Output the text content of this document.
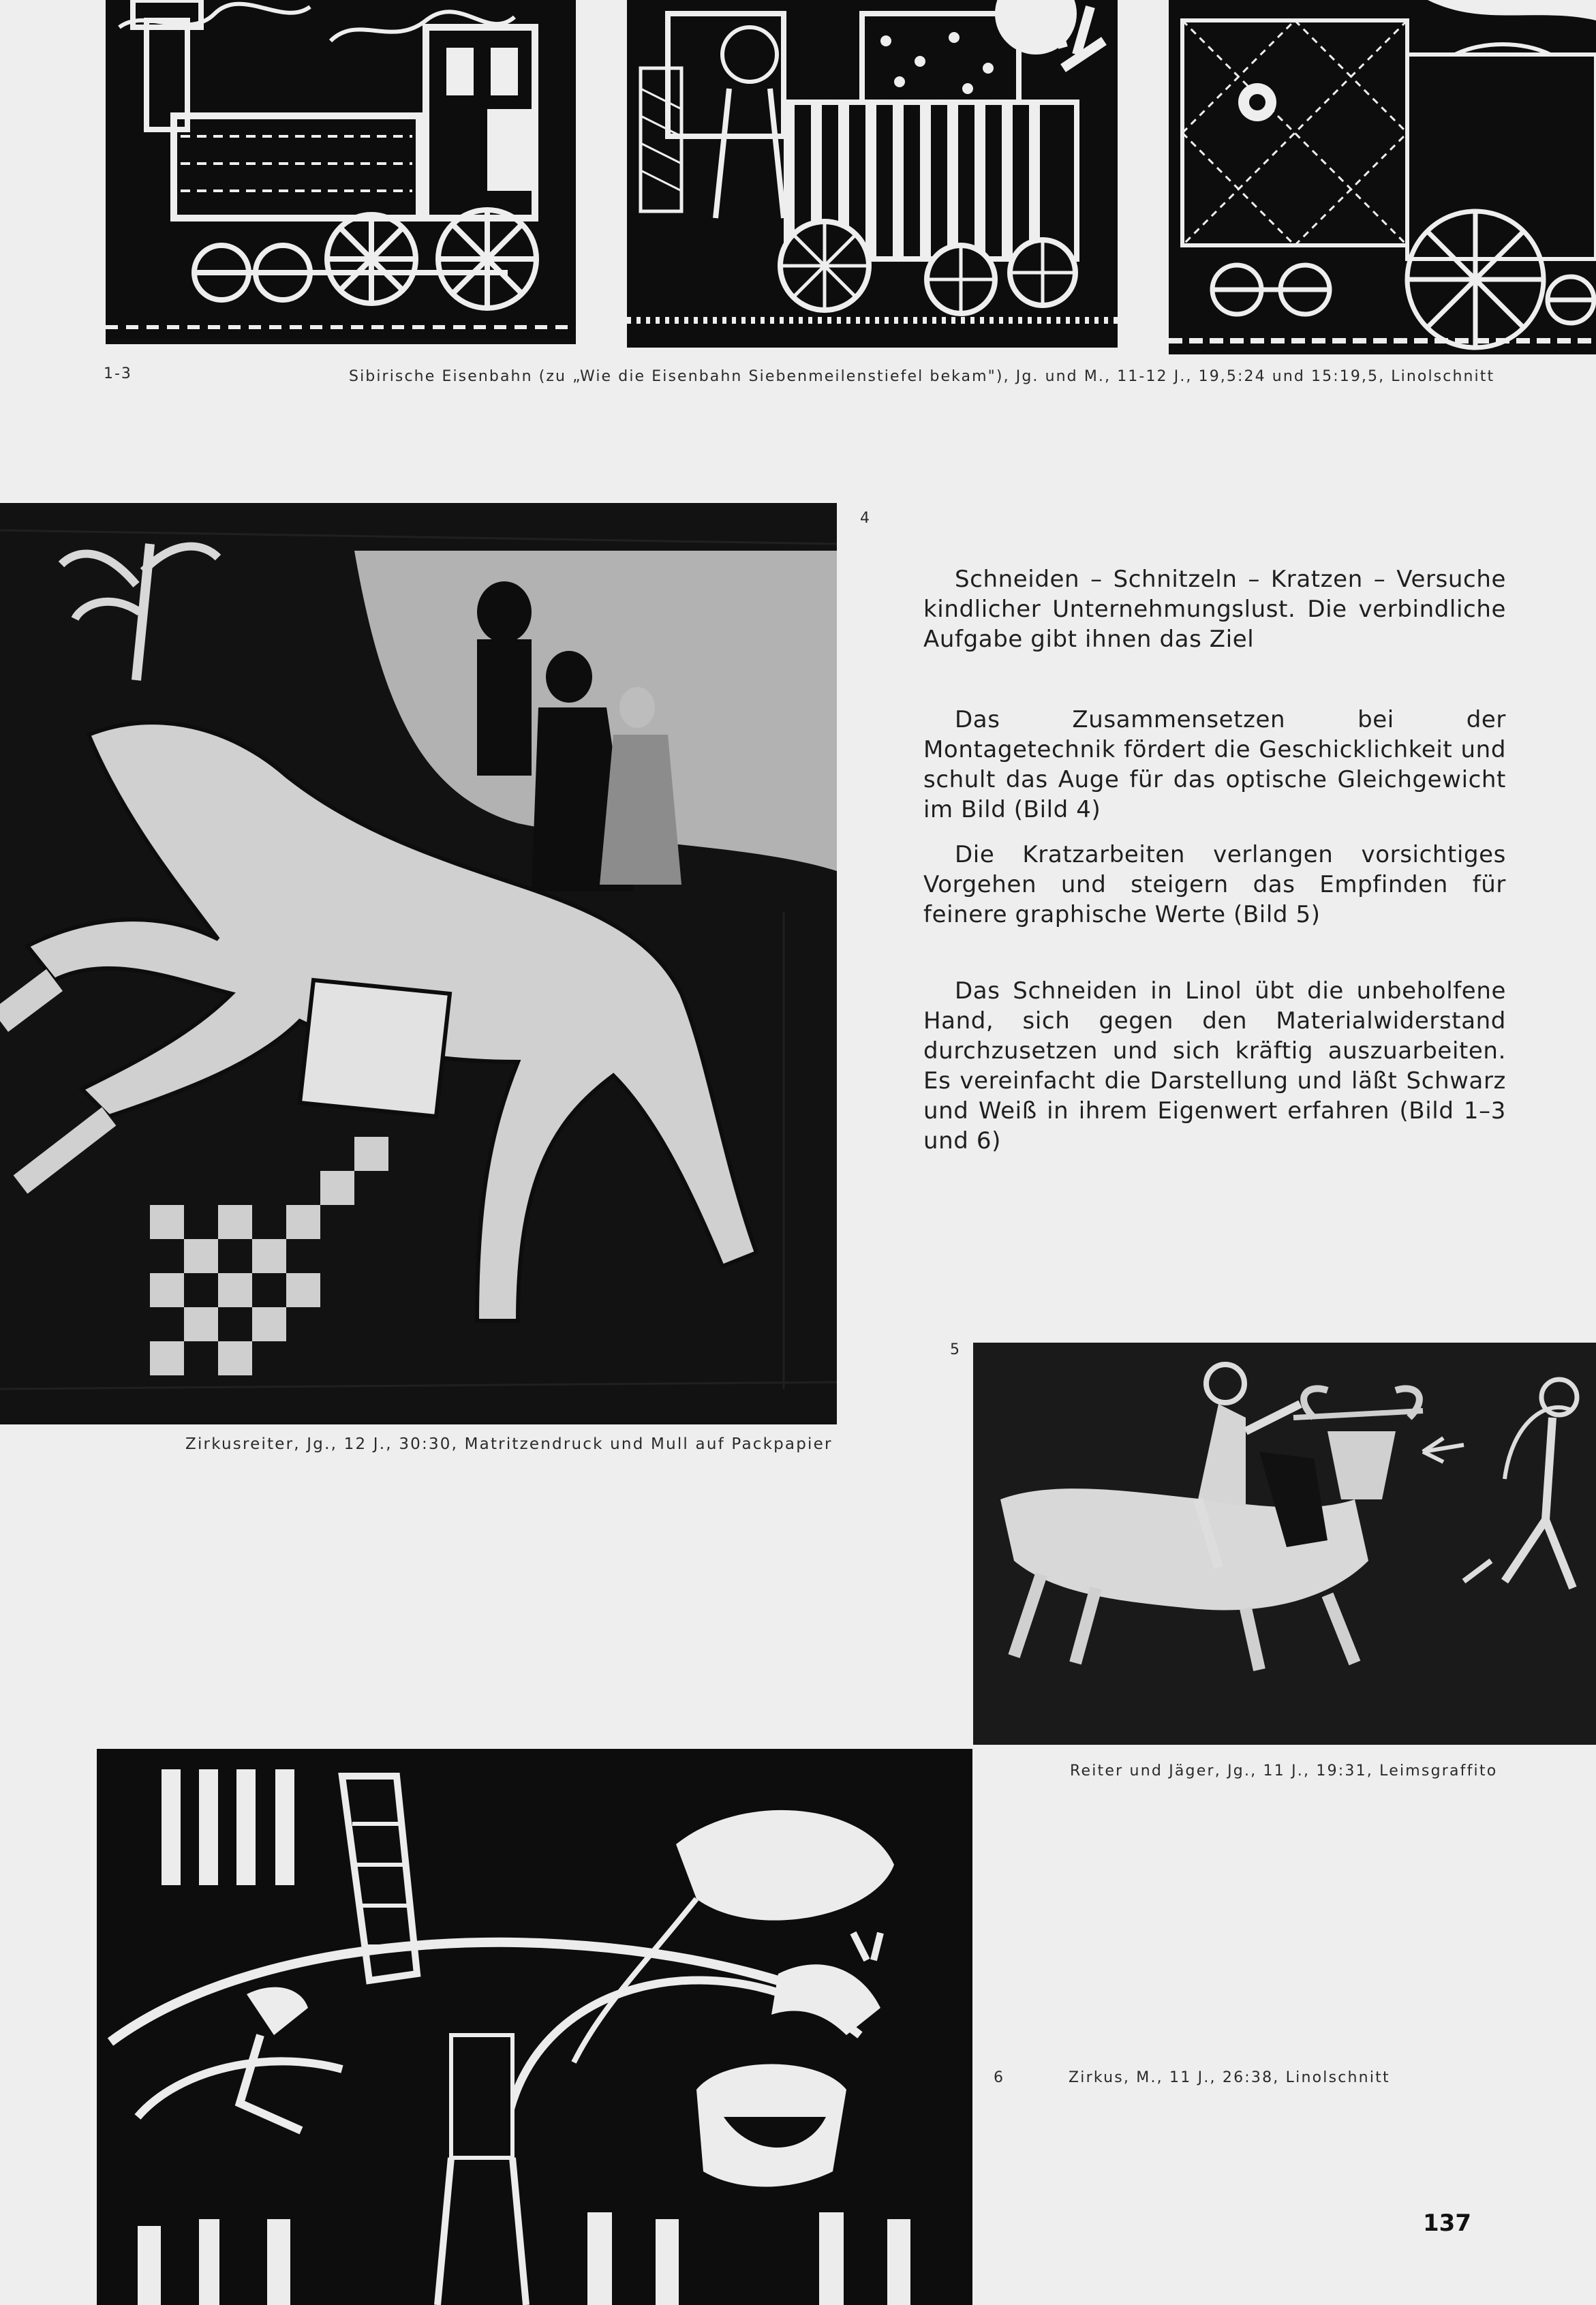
1-3	Sibirische Eisenbahn (zu „Wie die Eisenbahn Siebenmeilenstiefel bekam"), Jg. und M., 11-12 J., 19,5:24 und 15:19,5, Linolschnitt
4
Zirkusreiter, Jg., 12 J., 30:30, Matritzendruck und Mull auf Packpapier

Schneiden – Schnitzeln – Kratzen – Versuche kindlicher Unternehmungslust. Die verbindliche Aufgabe gibt ihnen das Ziel

Das Zusammensetzen bei der Montagetechnik fördert die Geschicklichkeit und schult das Auge für das optische Gleichgewicht im Bild (Bild 4)

Die Kratzarbeiten verlangen vorsichtiges Vorgehen und steigern das Empfinden für feinere graphische Werte (Bild 5)

Das Schneiden in Linol übt die unbeholfene Hand, sich gegen den Materialwiderstand durchzusetzen und sich kräftig auszuarbeiten. Es vereinfacht die Darstellung und läßt Schwarz und Weiß in ihrem Eigenwert erfahren (Bild 1–3 und 6)

5
Reiter und Jäger, Jg., 11 J., 19:31, Leimsgraffito
6	Zirkus, M., 11 J., 26:38, Linolschnitt
137
